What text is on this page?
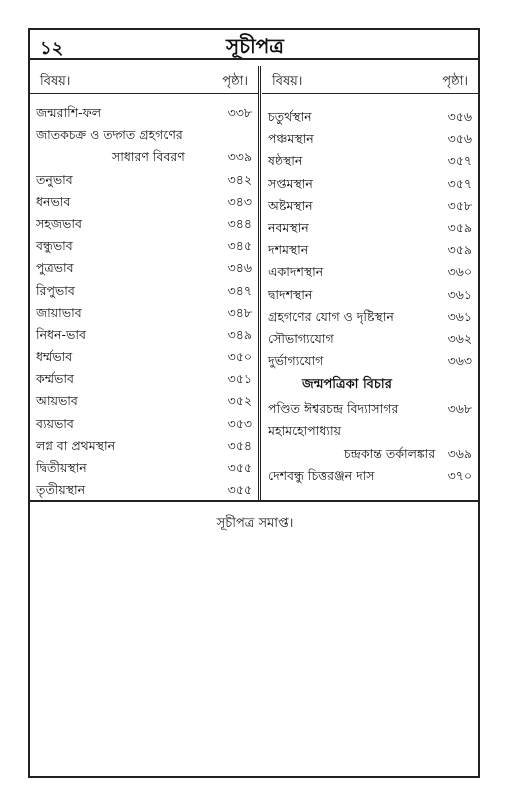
১২	সূচীপত্র
বিষয়।	পৃষ্ঠা। বিষয়।	পৃষ্ঠা।
জন্মরাশি-ফল	৩৩৮
জাতকচক্র ও তদ্গত গ্রহগণের
সাধারণ বিবরণ	৩৩৯
তনুভাব	৩৪২
ধনভাব	৩৪৩
সহজভাব	৩৪৪
বন্ধুভাব	৩৪৫
পুত্রভাব	৩৪৬
রিপুভাব	৩৪৭
জায়াভাব	৩৪৮
নিধন-ভাব	৩৪৯
ধর্ম্মভাব	৩৫০
কর্ম্মভাব	৩৫১
আয়ভাব	৩৫২
ব্যয়ভাব	৩৫৩
লগ্ন বা প্রথমস্থান	৩৫৪
দ্বিতীয়স্থান	৩৫৫
তৃতীয়স্থান	৩৫৫
চতুর্থস্থান	৩৫৬
পঞ্চমস্থান	৩৫৬
ষষ্ঠস্থান	৩৫৭
সপ্তমস্থান	৩৫৭
অষ্টমস্থান	৩৫৮
নবমস্থান	৩৫৯
দশমস্থান	৩৫৯
একাদশস্থান	৩৬০
দ্বাদশস্থান	৩৬১
গ্রহগণের যোগ ও দৃষ্টিস্থান	৩৬১
সৌভাগ্যযোগ	৩৬২
দুর্ভাগ্যযোগ	৩৬৩
জন্মপত্রিকা বিচার
পণ্ডিত ঈশ্বরচন্দ্র বিদ্যাসাগর	৩৬৮
মহামহোপাধ্যায়
চন্দ্রকান্ত তর্কালঙ্কার ৩৬৯
দেশবন্ধু চিত্তরঞ্জন দাস	৩৭০
সূচীপত্র সমাপ্ত।
